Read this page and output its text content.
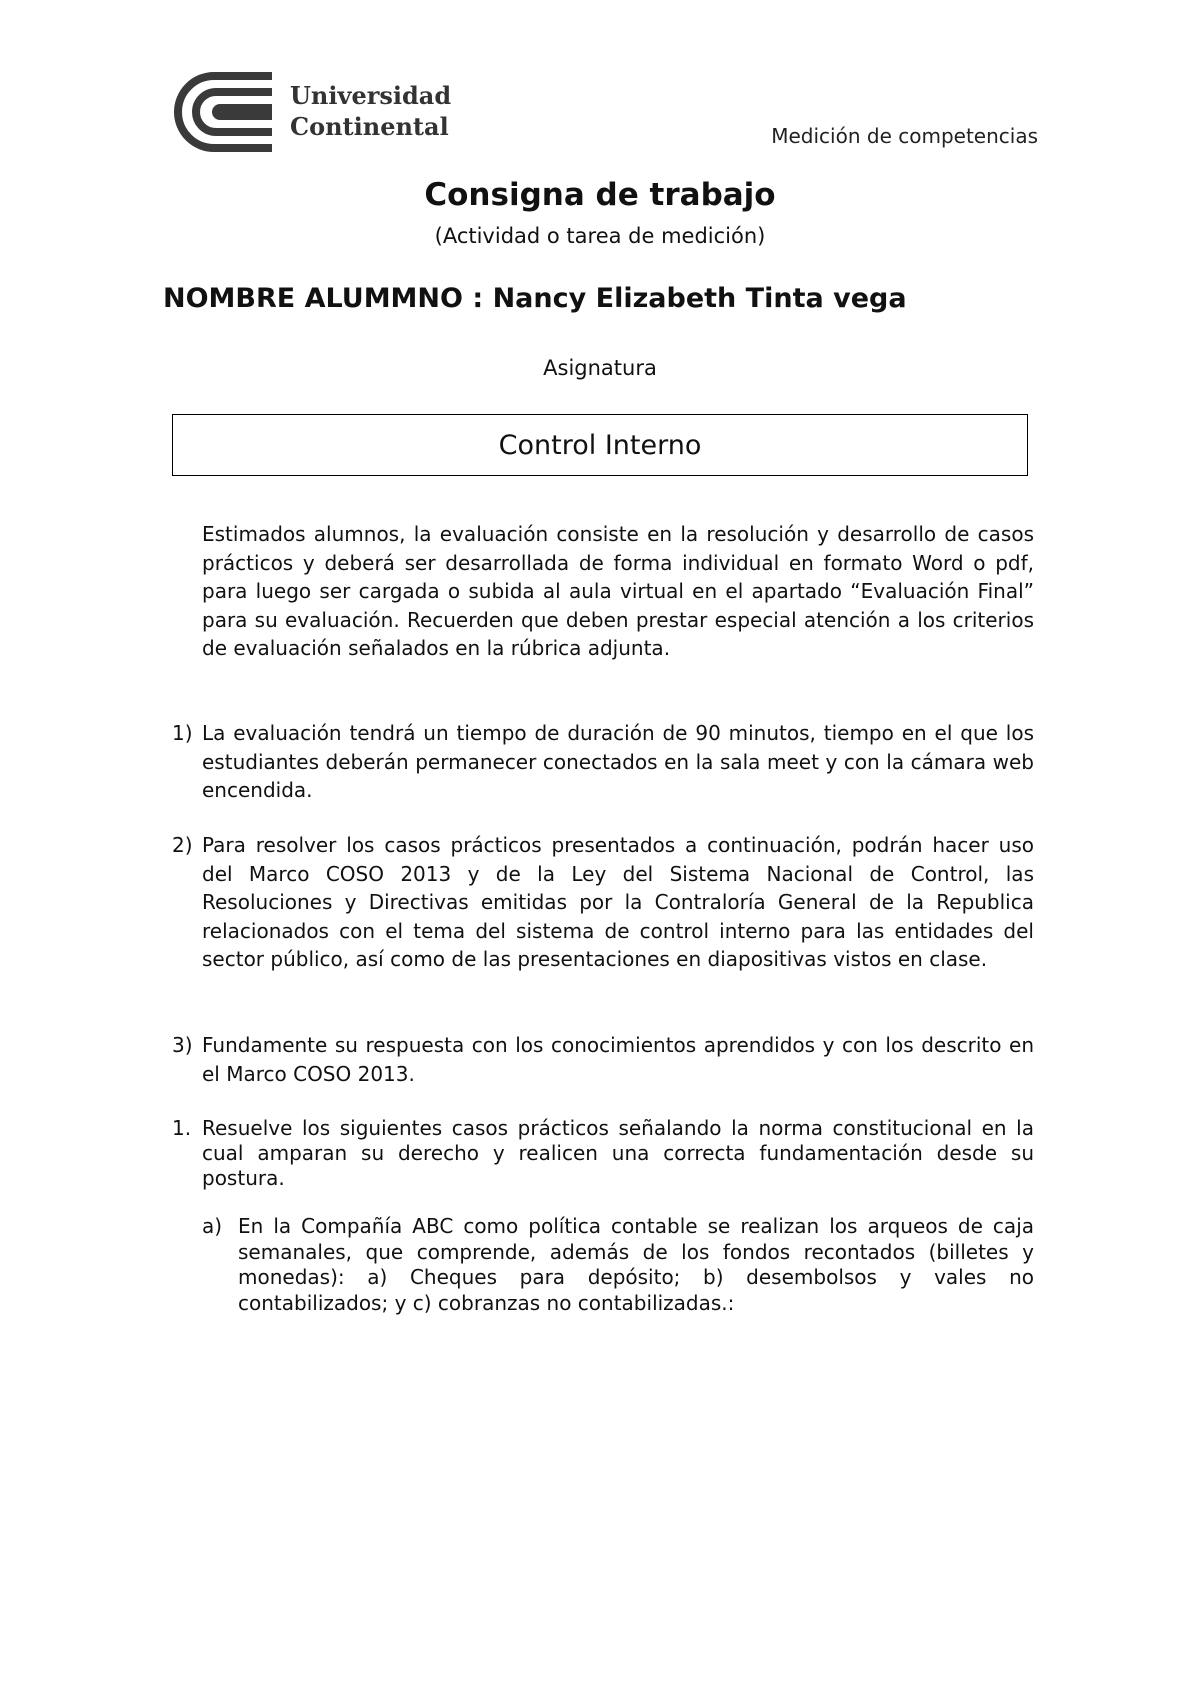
Universidad
Continental	Medición de competencias
Consigna de trabajo
(Actividad o tarea de medición)
NOMBRE ALUMMNO : Nancy Elizabeth Tinta vega
Asignatura
Control Interno
Estimados alumnos, la evaluación consiste en la resolución y desarrollo de casos prácticos y deberá ser desarrollada de forma individual en formato Word o pdf, para luego ser cargada o subida al aula virtual en el apartado “Evaluación Final” para su evaluación. Recuerden que deben prestar especial atención a los criterios de evaluación señalados en la rúbrica adjunta.
1) La evaluación tendrá un tiempo de duración de 90 minutos, tiempo en el que los estudiantes deberán permanecer conectados en la sala meet y con la cámara web encendida.
2) Para resolver los casos prácticos presentados a continuación, podrán hacer uso del Marco COSO 2013 y de la Ley del Sistema Nacional de Control, las Resoluciones y Directivas emitidas por la Contraloría General de la Republica relacionados con el tema del sistema de control interno para las entidades del sector público, así como de las presentaciones en diapositivas vistos en clase.
3) Fundamente su respuesta con los conocimientos aprendidos y con los descrito en el Marco COSO 2013.
1. Resuelve los siguientes casos prácticos señalando la norma constitucional en la cual amparan su derecho y realicen una correcta fundamentación desde su postura.
a) En la Compañía ABC como política contable se realizan los arqueos de caja semanales, que comprende, además de los fondos recontados (billetes y monedas): a) Cheques para depósito; b) desembolsos y vales no contabilizados; y c) cobranzas no contabilizadas.:
